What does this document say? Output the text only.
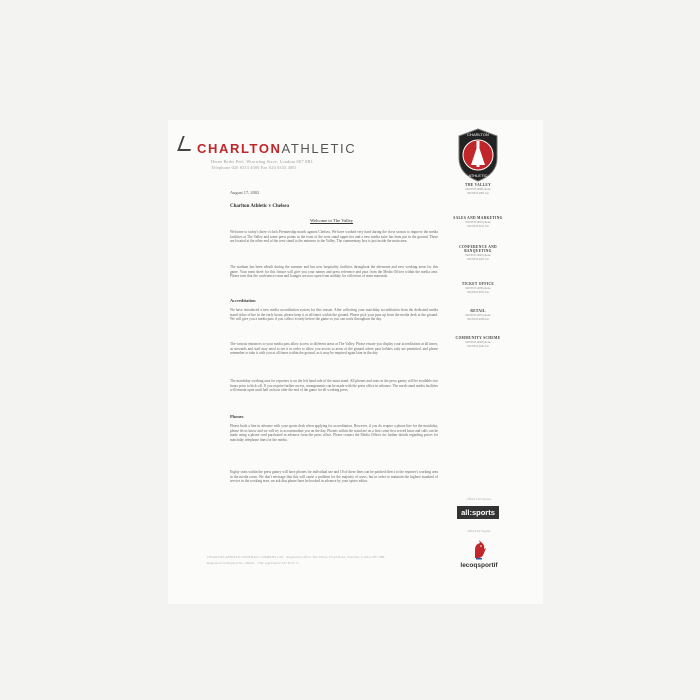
CHARLTONATHLETIC
Herne Reibe Peel, Wirowbag Stave, Londom SE7 8BL
Telephone 020 8333 4000 Fax 020 8333 4001
CHARLTON
ATHLETIC
THE VALLEY
020 8333 4000 phone
020 8333 4001 fax
SALES AND MARKETING
020 8333 4010 phone
020 8333 4011 fax
CONFERENCE AND BANQUETING
020 8333 4020 phone
020 8333 4021 fax
TICKET OFFICE
020 8333 4030 phone
020 8333 4031 fax
RETAIL
020 8333 4035 phone
020 8333 4036 fax
COMMUNITY SCHEME
020 8333 4040 phone
020 8333 4041 fax
August 17, 2002
Charlton Athletic v Chelsea
Welcome to The Valley
Welcome to today's three o'clock Premiership match against Chelsea. We have worked very hard during the close season to improve the media facilities at The Valley and some press points in the front of the west stand upper tier and a new media suite has been put in the ground. These are located at the other end of the west stand to the entrance to the Valley. The commentary box is just inside the main area.
The stadium has been rebuilt during the summer and has new hospitality facilities throughout the afternoon and new working areas for this game. Your team sheet for this fixture will give you your names and press reference and pass from the Media Officer within the media area. Please note that the conference room and lounges are now open from midday for collection of team materials.
Accreditation
We have introduced a new media accreditation system for this season. After collecting your matchday accreditation from the dedicated media stand ticket office in the early hours, please keep it at all times within the ground. Please pick your pass up from the media desk at the ground. We will give you a media pass if you collect it early before the game so you can work throughout the day.
The various entrances to your media pass allow access to different areas at The Valley. Please ensure you display your accreditation at all times, as stewards and staff may need to see it in order to allow you access to areas of the ground where pass holders only are permitted, and please remember to take it with you at all times within the ground, as it may be required again later in the day.
The matchday working area for reporters is on the left hand side of the main stand. All phones and seats in the press gantry will be available two hours prior to kick-off. If you require further access, arrangements can be made with the press office in advance. The north stand media facilities will remain open until half an hour after the end of the game for all working press.
Phones
Please book a line in advance with your sports desk when applying for accreditation. However, if you do require a phone line for the matchday, please let us know and we will try to accommodate you on the day. Phones within the stand are on a first come first served basis and calls can be made using a phone card purchased in advance from the press office. Please contact the Media Officer for further details regarding prices for matchday telephone lines for the media.
Eighty seats within the press gantry will have phones for individual use and 18 of these lines can be patched direct to the reporter's working area in the media room. We don't envisage that this will cause a problem for the majority of users, but in order to maintain the highest standard of service in the working area, we ask that phone lines be booked in advance by your sports editor.
CHARLTON ATHLETIC FOOTBALL COMPANY LTD · Registered office: The Valley, Floyd Road, Charlton, London SE7 8BL
Registered in England No. 186411 · VAT registration 557 6715 71
Official Club Sponsor
all:sports
Official Kit Supplier
lecoqsportif
